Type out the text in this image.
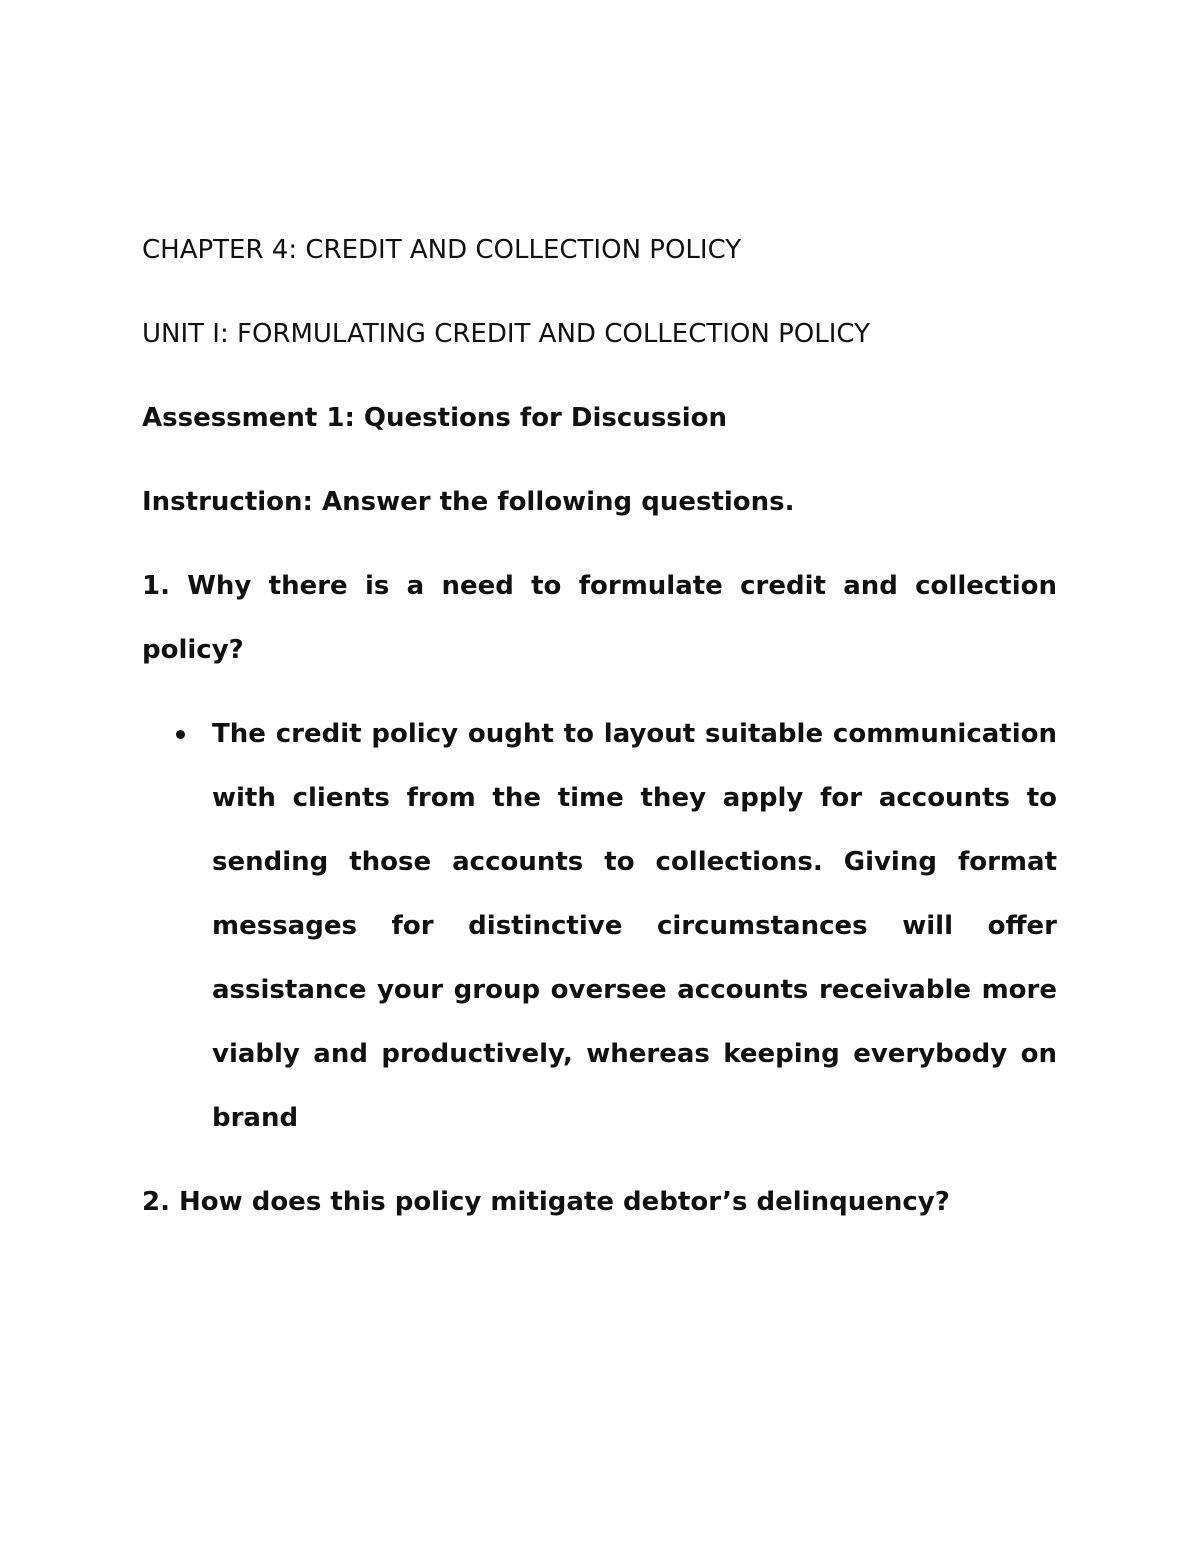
CHAPTER 4: CREDIT AND COLLECTION POLICY
UNIT I: FORMULATING CREDIT AND COLLECTION POLICY
Assessment 1: Questions for Discussion
Instruction: Answer the following questions.
1. Why there is a need to formulate credit and collection policy?
The credit policy ought to layout suitable communication with clients from the time they apply for accounts to sending those accounts to collections. Giving format messages for distinctive circumstances will offer assistance your group oversee accounts receivable more viably and productively, whereas keeping everybody on brand
2. How does this policy mitigate debtor’s delinquency?
